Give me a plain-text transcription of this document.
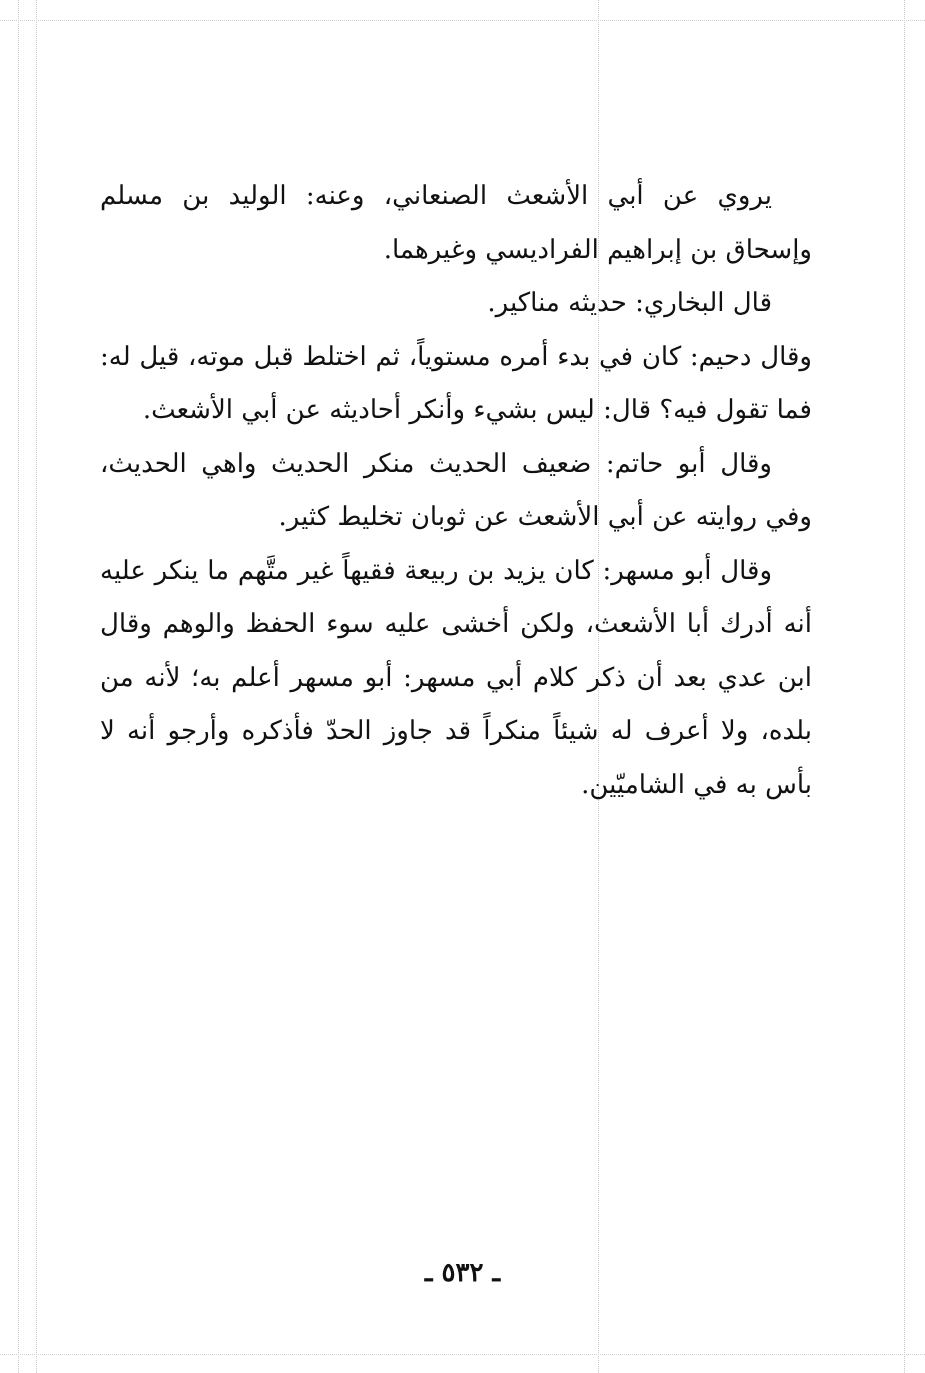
يروي عن أبي الأشعث الصنعاني، وعنه: الوليد بن مسلم وإسحاق بن إبراهيم الفراديسي وغيرهما.

قال البخاري: حديثه مناكير.

وقال دحيم: كان في بدء أمره مستوياً، ثم اختلط قبل موته، قيل له: فما تقول فيه؟ قال: ليس بشيء وأنكر أحاديثه عن أبي الأشعث.

وقال أبو حاتم: ضعيف الحديث منكر الحديث واهي الحديث، وفي روايته عن أبي الأشعث عن ثوبان تخليط كثير.

وقال أبو مسهر: كان يزيد بن ربيعة فقيهاً غير متَّهم ما ينكر عليه أنه أدرك أبا الأشعث، ولكن أخشى عليه سوء الحفظ والوهم وقال ابن عدي بعد أن ذكر كلام أبي مسهر: أبو مسهر أعلم به؛ لأنه من بلده، ولا أعرف له شيئاً منكراً قد جاوز الحدّ فأذكره وأرجو أنه لا بأس به في الشاميّين.

ـ ٥٣٢ ـ
